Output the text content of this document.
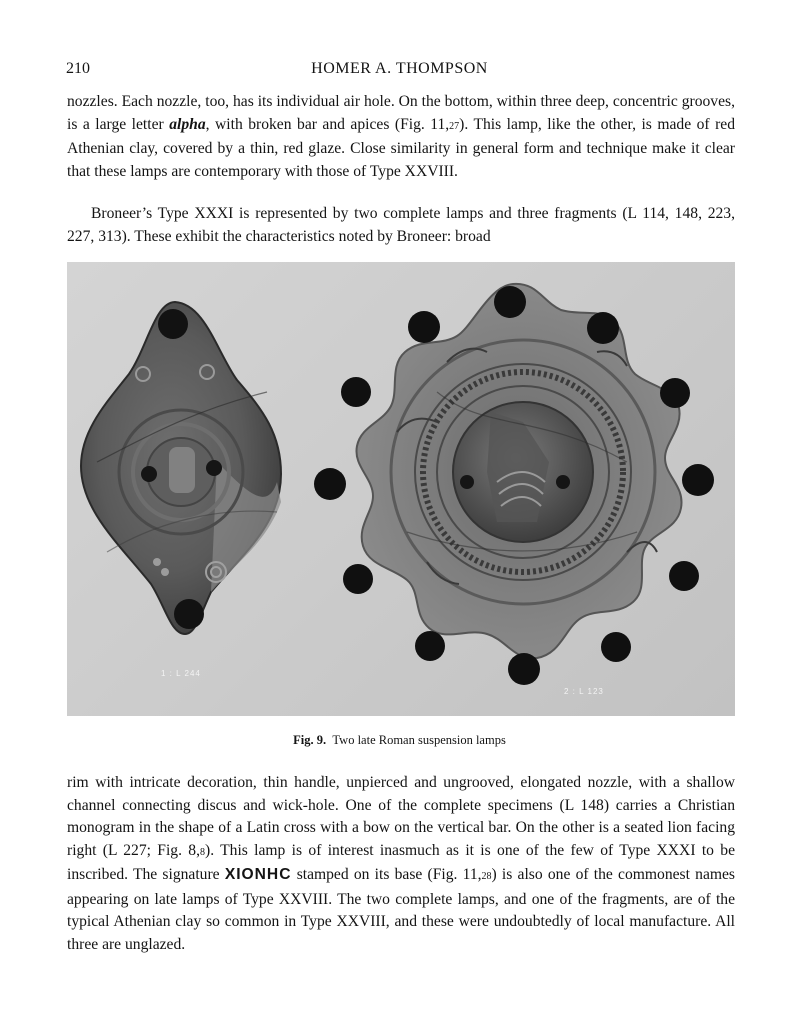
210	HOMER A. THOMPSON

nozzles. Each nozzle, too, has its individual air hole. On the bottom, within three deep, concentric grooves, is a large letter alpha, with broken bar and apices (Fig. 11,27). This lamp, like the other, is made of red Athenian clay, covered by a thin, red glaze. Close similarity in general form and technique make it clear that these lamps are contemporary with those of Type XXVIII.

Broneer’s Type XXXI is represented by two complete lamps and three fragments (L 114, 148, 223, 227, 313). These exhibit the characteristics noted by Broneer: broad

1 : L 244
2 : L 123
Fig. 9. Two late Roman suspension lamps

rim with intricate decoration, thin handle, unpierced and ungrooved, elongated nozzle, with a shallow channel connecting discus and wick-hole. One of the complete specimens (L 148) carries a Christian monogram in the shape of a Latin cross with a bow on the vertical bar. On the other is a seated lion facing right (L 227; Fig. 8,8). This lamp is of interest inasmuch as it is one of the few of Type XXXI to be inscribed. The signature XIONHC stamped on its base (Fig. 11,28) is also one of the commonest names appearing on late lamps of Type XXVIII. The two complete lamps, and one of the fragments, are of the typical Athenian clay so common in Type XXVIII, and these were undoubtedly of local manufacture. All three are unglazed.
